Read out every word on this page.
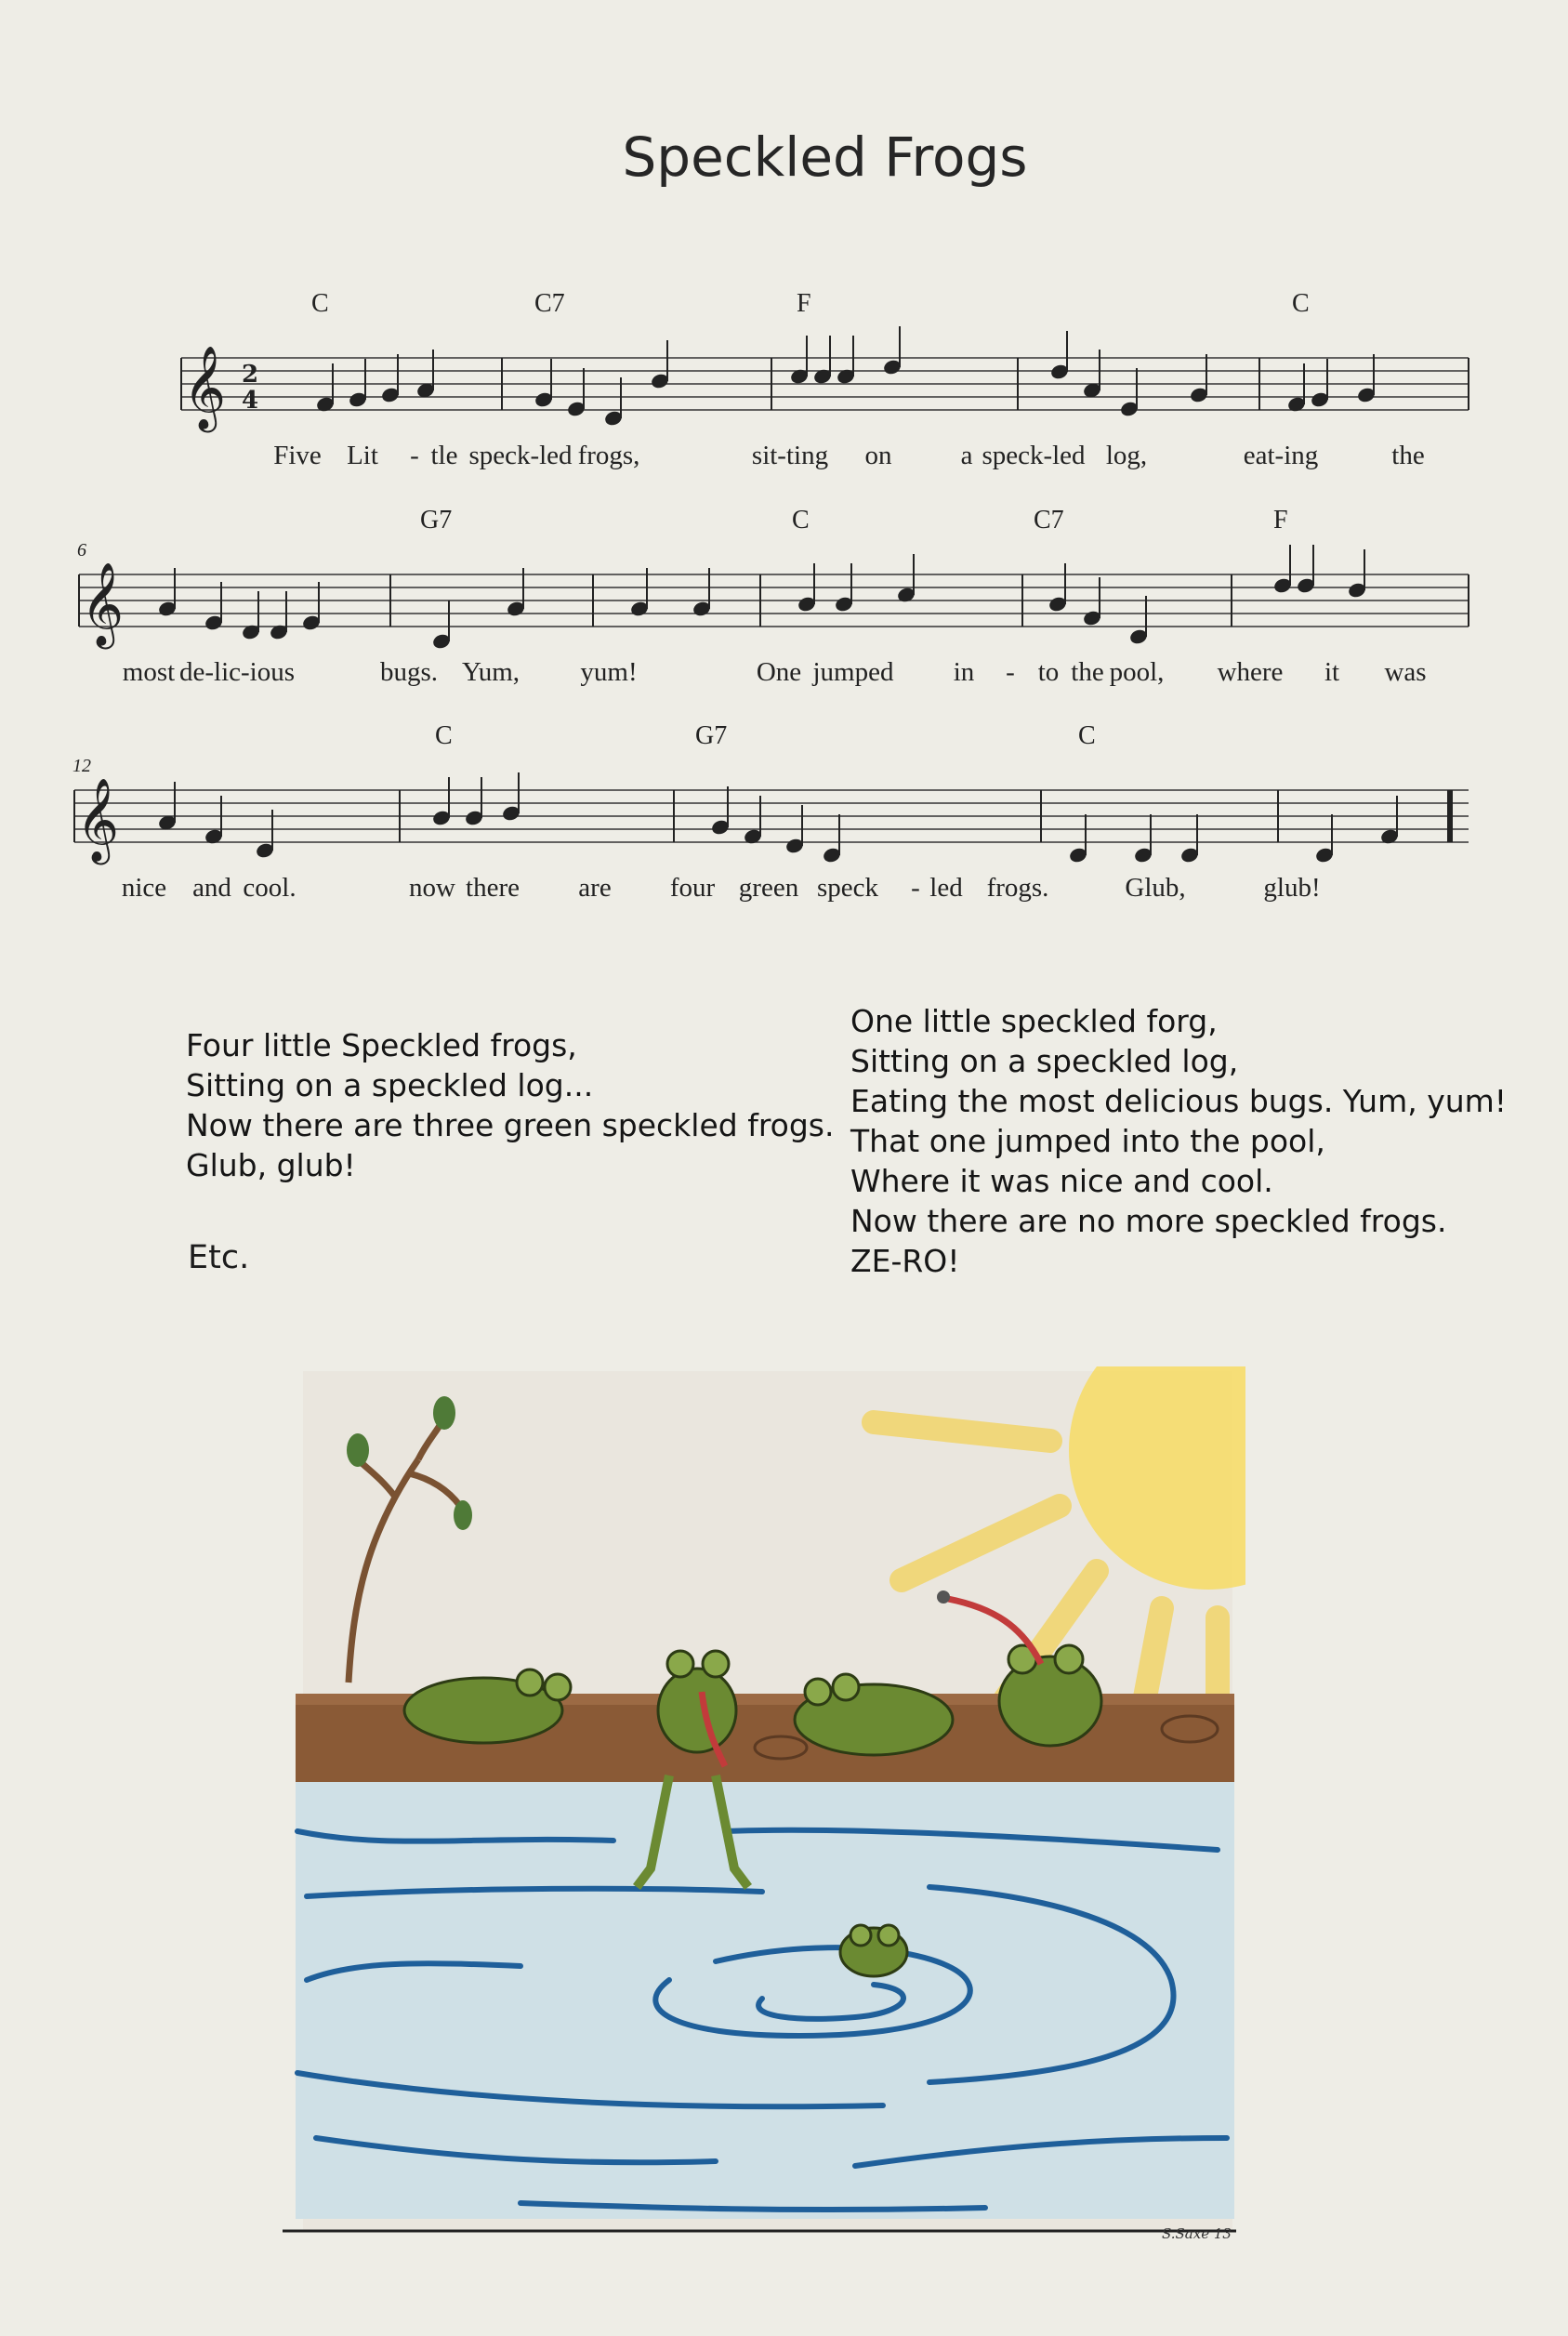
Speckled Frogs
𝄞 2
4
𝄞
6
𝄞
12
C	C7	F	C
G7	C	C7	F
C	G7	C
Five Lit - tle speck-led frogs,	sit-ting on	a speck-led log,	eat-ing	the
most de-lic-ious	bugs. Yum, yum!	One jumped in - to the pool, where it was
nice and cool.	now there are four green speck - led frogs.	Glub,	glub!
Four little Speckled frogs,
Sitting on a speckled log...
Now there are three green speckled frogs.
Glub, glub!
Etc.
One little speckled forg,
Sitting on a speckled log,
Eating the most delicious bugs. Yum, yum!
That one jumped into the pool,
Where it was nice and cool.
Now there are no more speckled frogs.
ZE-RO!
S.Saxe 13
